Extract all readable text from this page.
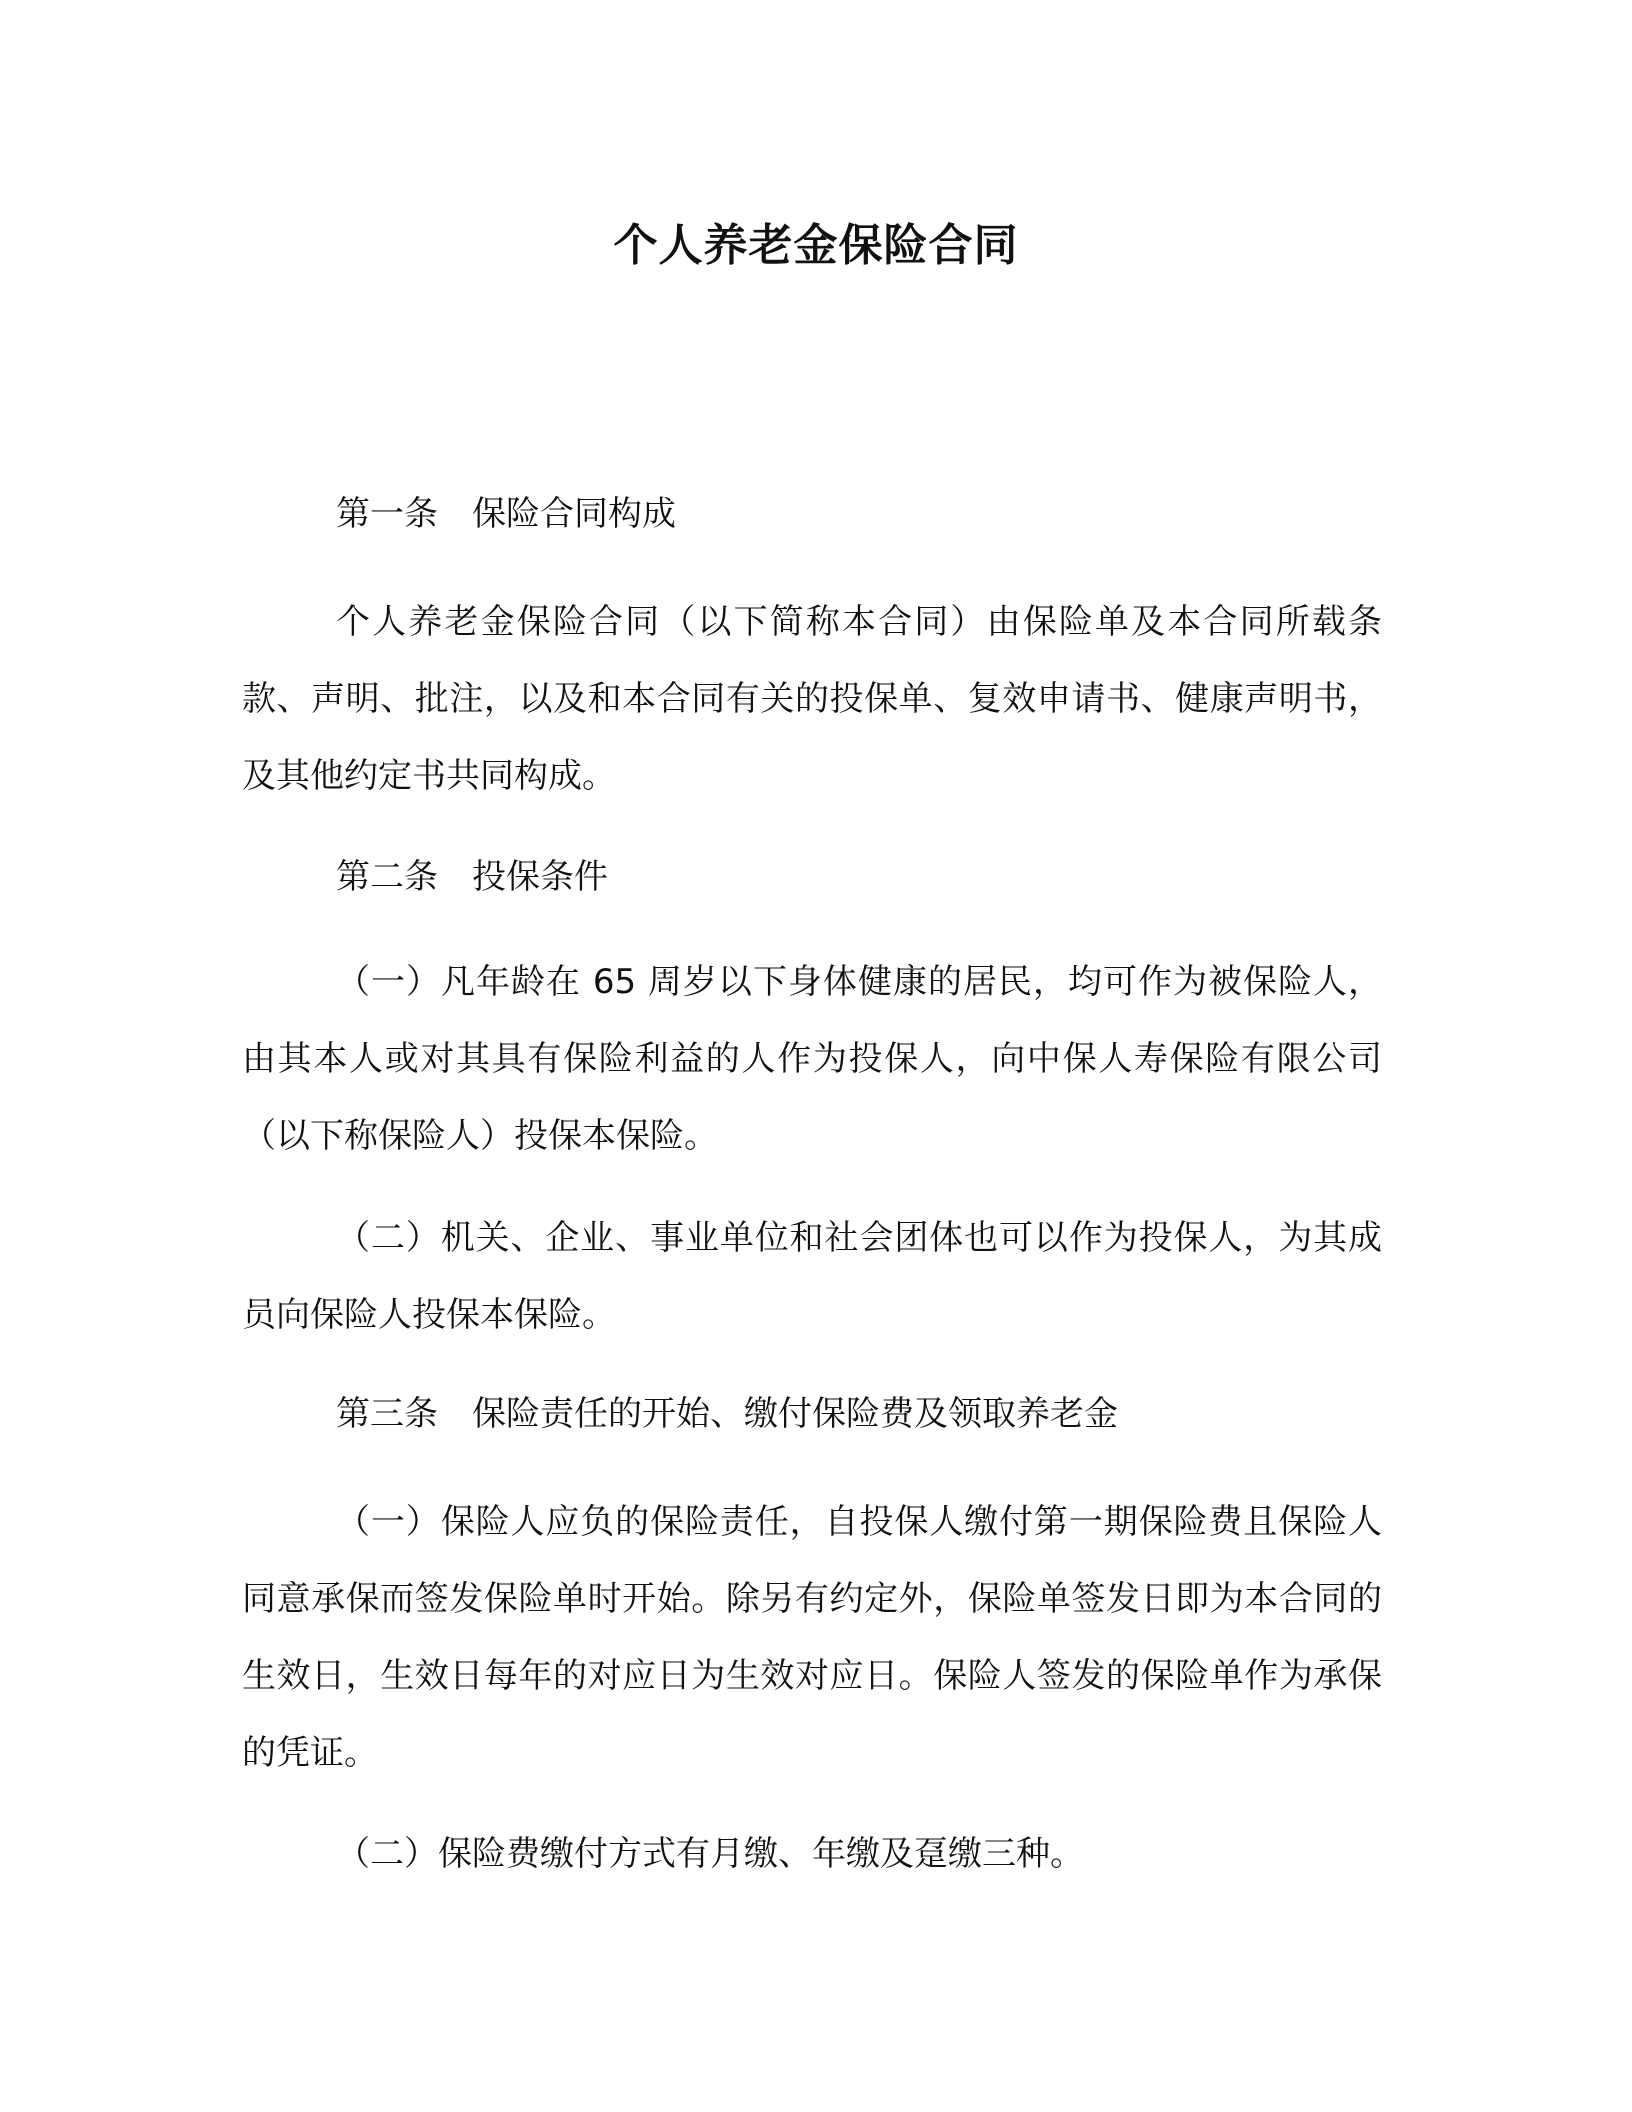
个人养老金保险合同
第一条　保险合同构成
个人养老金保险合同（以下简称本合同）由保险单及本合同所载条款、声明、批注，以及和本合同有关的投保单、复效申请书、健康声明书，及其他约定书共同构成。
第二条　投保条件
（一）凡年龄在 65 周岁以下身体健康的居民，均可作为被保险人，由其本人或对其具有保险利益的人作为投保人，向中保人寿保险有限公司（以下称保险人）投保本保险。
（二）机关、企业、事业单位和社会团体也可以作为投保人，为其成员向保险人投保本保险。
第三条　保险责任的开始、缴付保险费及领取养老金
（一）保险人应负的保险责任，自投保人缴付第一期保险费且保险人同意承保而签发保险单时开始。除另有约定外，保险单签发日即为本合同的生效日，生效日每年的对应日为生效对应日。保险人签发的保险单作为承保的凭证。
（二）保险费缴付方式有月缴、年缴及趸缴三种。
